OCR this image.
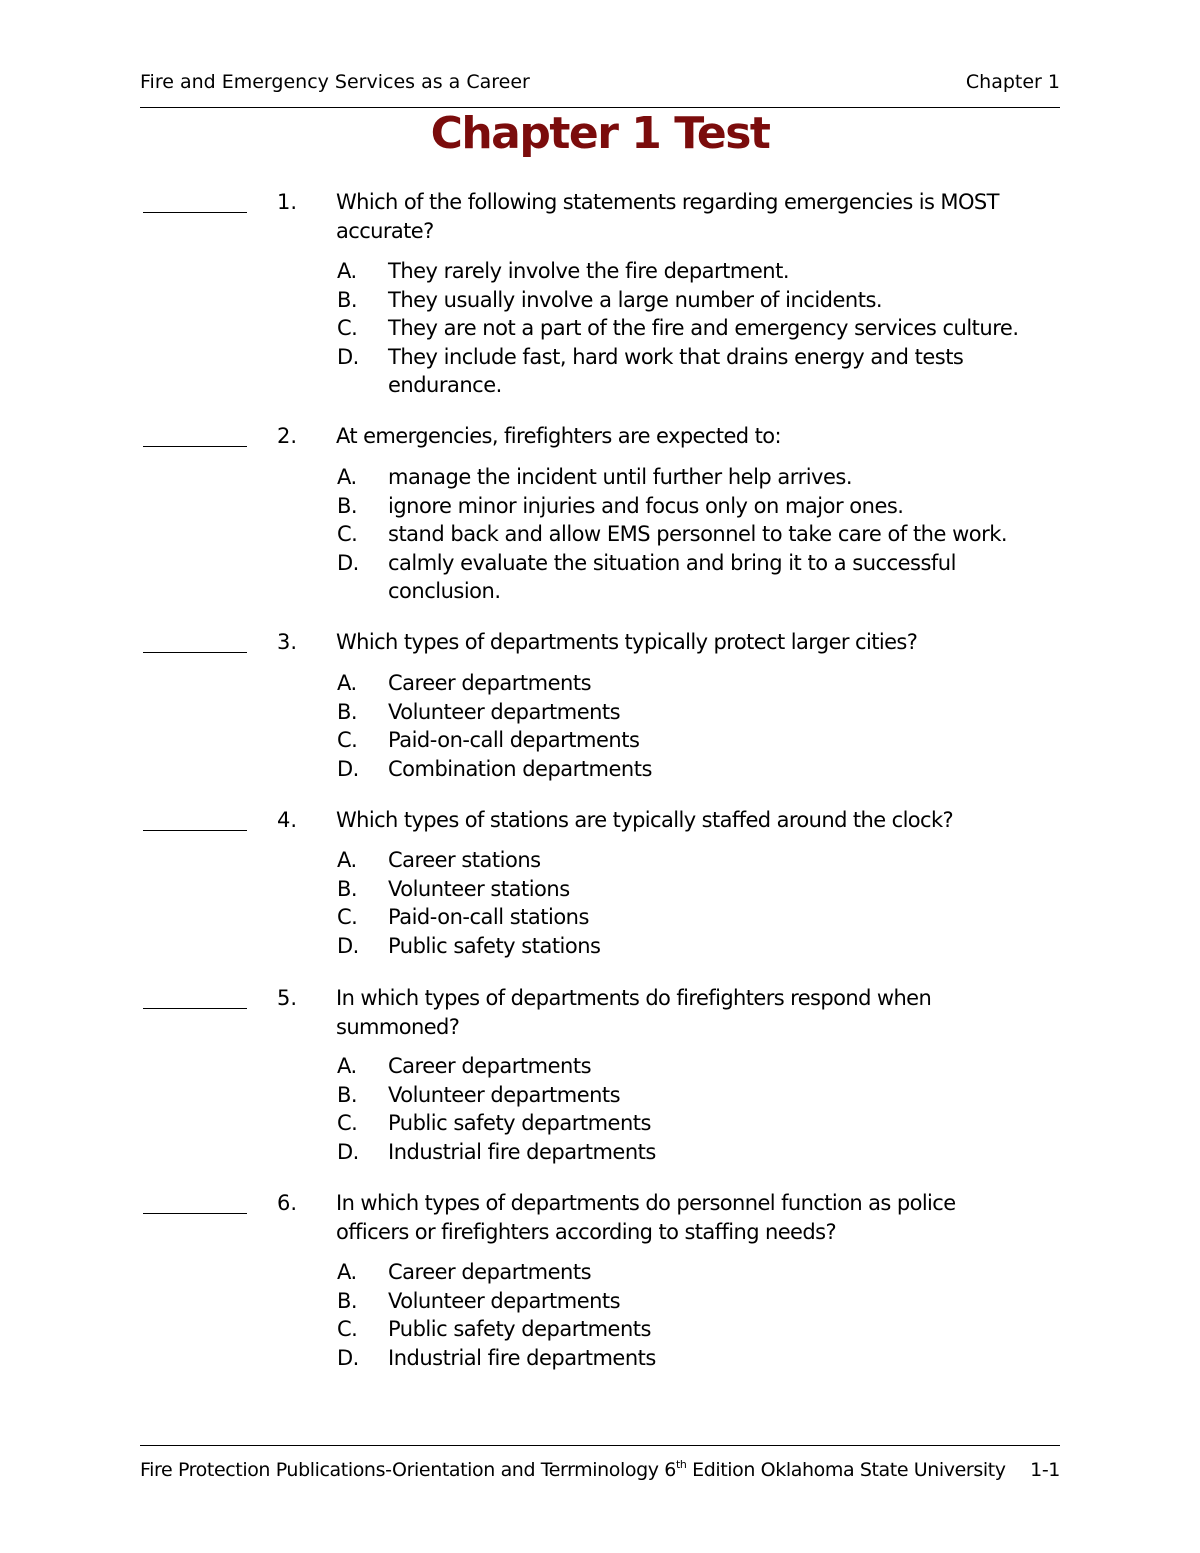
Fire and Emergency Services as a Career	Chapter 1
Chapter 1 Test
1. Which of the following statements regarding emergencies is MOST accurate?
A. They rarely involve the fire department.
B. They usually involve a large number of incidents.
C. They are not a part of the fire and emergency services culture.
D. They include fast, hard work that drains energy and tests endurance.
2. At emergencies, firefighters are expected to:
A. manage the incident until further help arrives.
B. ignore minor injuries and focus only on major ones.
C. stand back and allow EMS personnel to take care of the work.
D. calmly evaluate the situation and bring it to a successful conclusion.
3. Which types of departments typically protect larger cities?
A. Career departments
B. Volunteer departments
C. Paid-on-call departments
D. Combination departments
4. Which types of stations are typically staffed around the clock?
A. Career stations
B. Volunteer stations
C. Paid-on-call stations
D. Public safety stations
5. In which types of departments do firefighters respond when summoned?
A. Career departments
B. Volunteer departments
C. Public safety departments
D. Industrial fire departments
6. In which types of departments do personnel function as police officers or firefighters according to staffing needs?
A. Career departments
B. Volunteer departments
C. Public safety departments
D. Industrial fire departments
Fire Protection Publications-Orientation and Terrminology 6th Edition Oklahoma State University 1-1
